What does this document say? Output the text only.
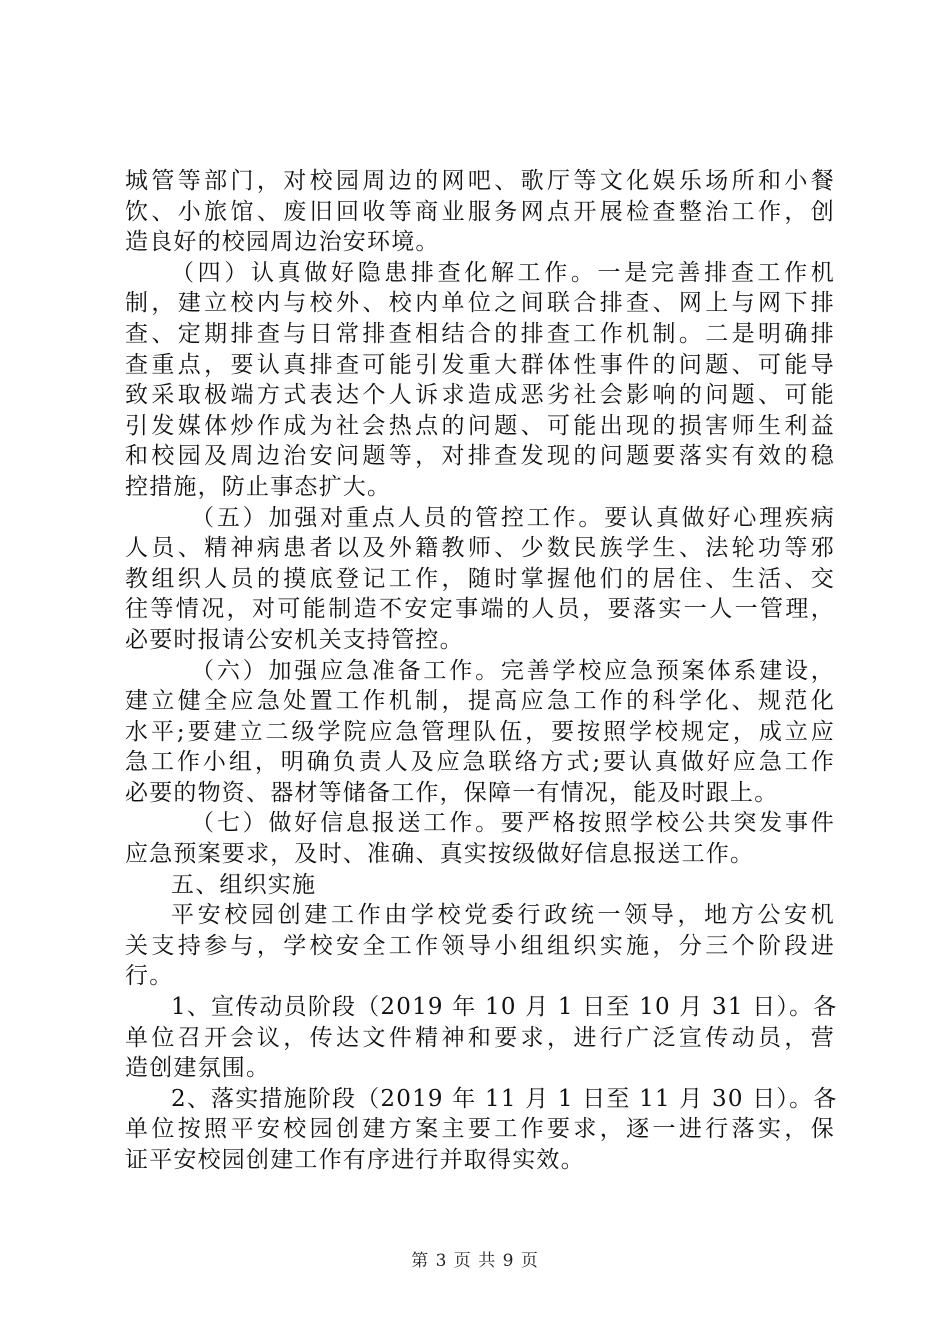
城管等部门，对校园周边的网吧、歌厅等文化娱乐场所和小餐
饮、小旅馆、废旧回收等商业服务网点开展检查整治工作，创
造良好的校园周边治安环境。
（四）认真做好隐患排查化解工作。一是完善排查工作机
制，建立校内与校外、校内单位之间联合排查、网上与网下排
查、定期排查与日常排查相结合的排查工作机制。二是明确排
查重点，要认真排查可能引发重大群体性事件的问题、可能导
致采取极端方式表达个人诉求造成恶劣社会影响的问题、可能
引发媒体炒作成为社会热点的问题、可能出现的损害师生利益
和校园及周边治安问题等，对排查发现的问题要落实有效的稳
控措施，防止事态扩大。
（五）加强对重点人员的管控工作。要认真做好心理疾病
人员、精神病患者以及外籍教师、少数民族学生、法轮功等邪
教组织人员的摸底登记工作，随时掌握他们的居住、生活、交
往等情况，对可能制造不安定事端的人员，要落实一人一管理，
必要时报请公安机关支持管控。
（六）加强应急准备工作。完善学校应急预案体系建设，
建立健全应急处置工作机制，提高应急工作的科学化、规范化
水平;要建立二级学院应急管理队伍，要按照学校规定，成立应
急工作小组，明确负责人及应急联络方式;要认真做好应急工作
必要的物资、器材等储备工作，保障一有情况，能及时跟上。
（七）做好信息报送工作。要严格按照学校公共突发事件
应急预案要求，及时、准确、真实按级做好信息报送工作。
五、组织实施
平安校园创建工作由学校党委行政统一领导，地方公安机
关支持参与，学校安全工作领导小组组织实施，分三个阶段进
行。
1、宣传动员阶段（2019 年 10 月 1 日至 10 月 31 日）。各
单位召开会议，传达文件精神和要求，进行广泛宣传动员，营
造创建氛围。
2、落实措施阶段（2019 年 11 月 1 日至 11 月 30 日）。各
单位按照平安校园创建方案主要工作要求，逐一进行落实，保
证平安校园创建工作有序进行并取得实效。
第 3 页 共 9 页
